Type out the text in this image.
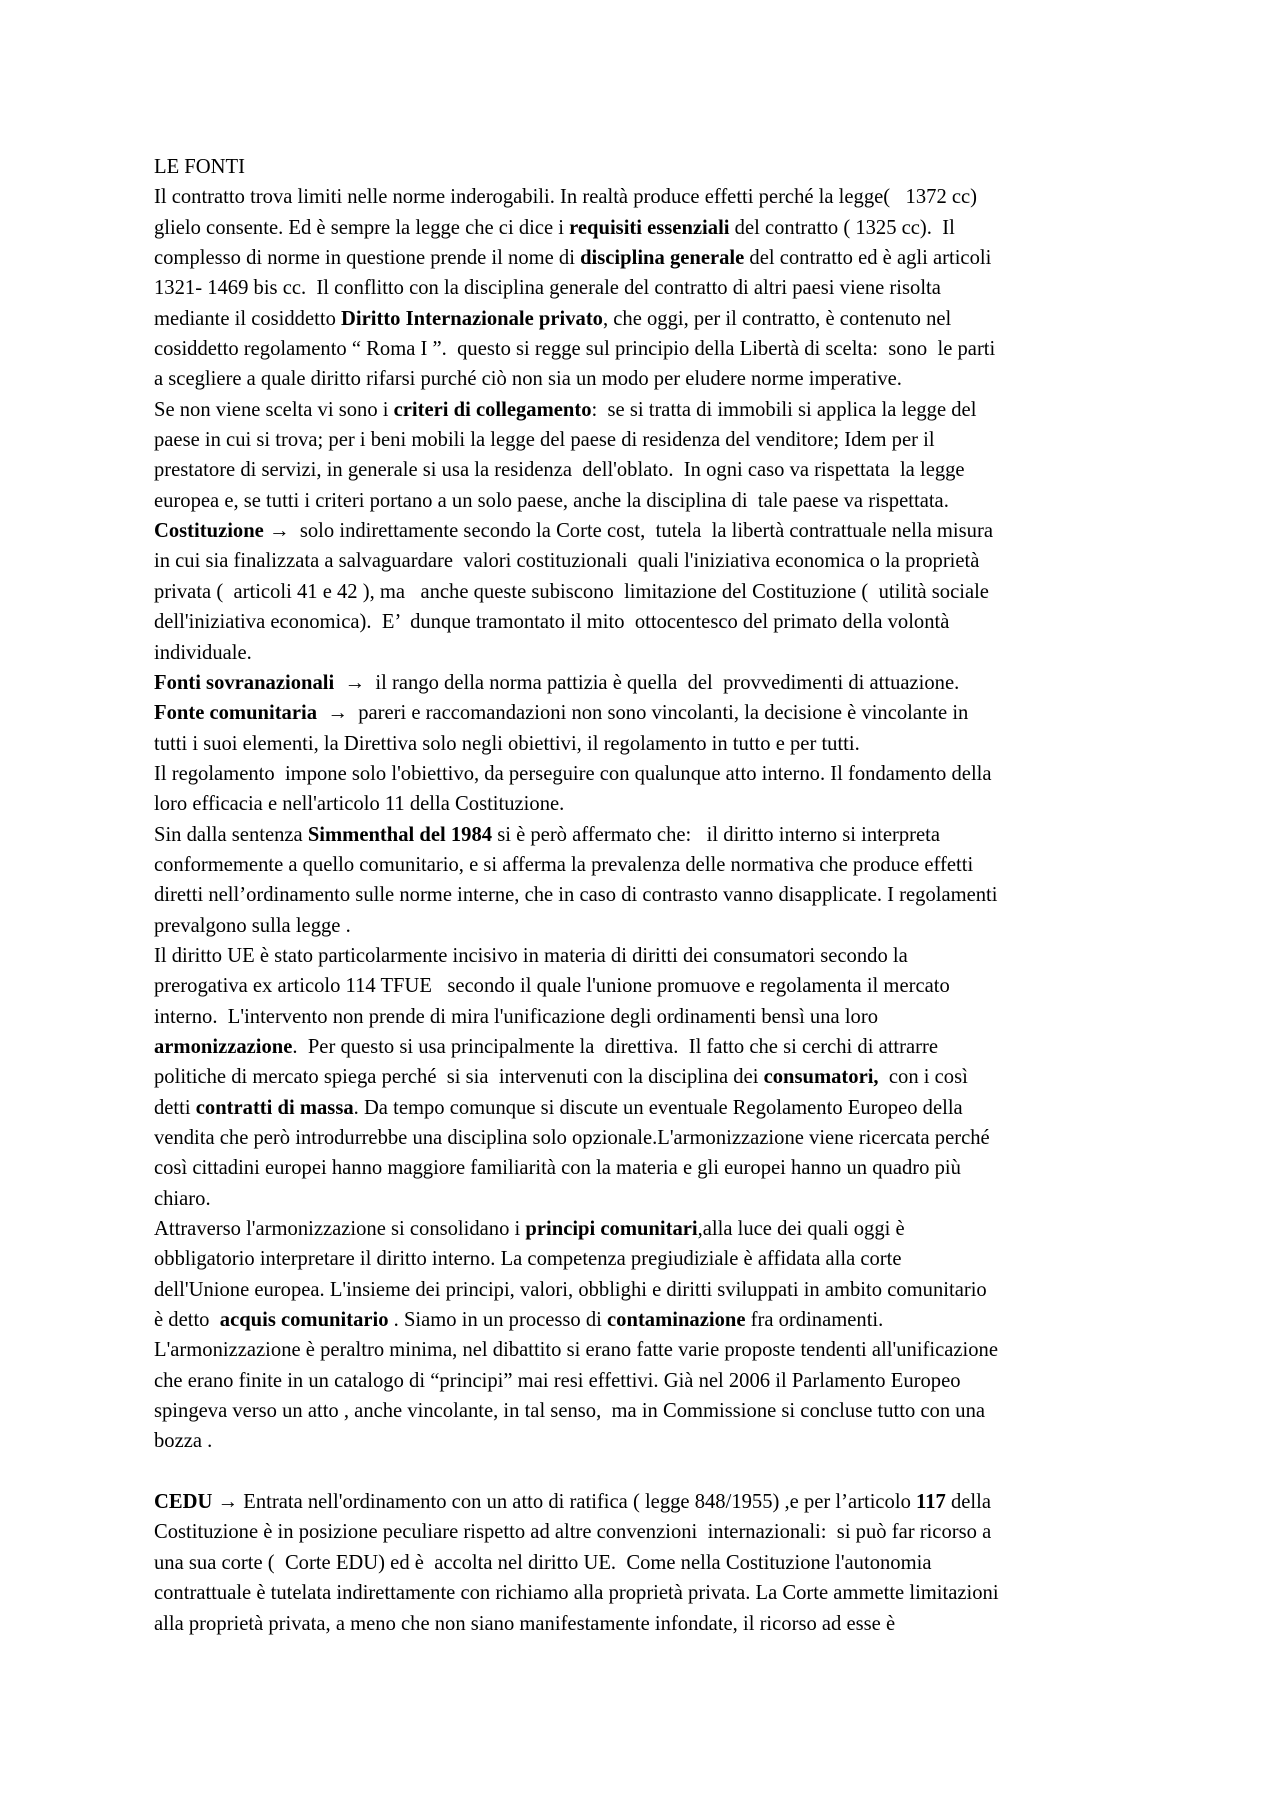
LE FONTI
Il contratto trova limiti nelle norme inderogabili. In realtà produce effetti perché la legge(   1372 cc)
glielo consente. Ed è sempre la legge che ci dice i requisiti essenziali del contratto ( 1325 cc).  Il
complesso di norme in questione prende il nome di disciplina generale del contratto ed è agli articoli
1321- 1469 bis cc.  Il conflitto con la disciplina generale del contratto di altri paesi viene risolta
mediante il cosiddetto Diritto Internazionale privato, che oggi, per il contratto, è contenuto nel
cosiddetto regolamento “ Roma I ”.  questo si regge sul principio della Libertà di scelta:  sono  le parti
a scegliere a quale diritto rifarsi purché ciò non sia un modo per eludere norme imperative.
Se non viene scelta vi sono i criteri di collegamento:  se si tratta di immobili si applica la legge del
paese in cui si trova; per i beni mobili la legge del paese di residenza del venditore; Idem per il
prestatore di servizi, in generale si usa la residenza  dell'oblato.  In ogni caso va rispettata  la legge
europea e, se tutti i criteri portano a un solo paese, anche la disciplina di  tale paese va rispettata.
Costituzione →  solo indirettamente secondo la Corte cost,  tutela  la libertà contrattuale nella misura
in cui sia finalizzata a salvaguardare  valori costituzionali  quali l'iniziativa economica o la proprietà
privata (  articoli 41 e 42 ), ma   anche queste subiscono  limitazione del Costituzione (  utilità sociale
dell'iniziativa economica).  E’  dunque tramontato il mito  ottocentesco del primato della volontà
individuale.
Fonti sovranazionali  →  il rango della norma pattizia è quella  del  provvedimenti di attuazione.
Fonte comunitaria  →  pareri e raccomandazioni non sono vincolanti, la decisione è vincolante in
tutti i suoi elementi, la Direttiva solo negli obiettivi, il regolamento in tutto e per tutti.
Il regolamento  impone solo l'obiettivo, da perseguire con qualunque atto interno. Il fondamento della
loro efficacia e nell'articolo 11 della Costituzione.
Sin dalla sentenza Simmenthal del 1984 si è però affermato che:   il diritto interno si interpreta
conformemente a quello comunitario, e si afferma la prevalenza delle normativa che produce effetti
diretti nell’ordinamento sulle norme interne, che in caso di contrasto vanno disapplicate. I regolamenti
prevalgono sulla legge .
Il diritto UE è stato particolarmente incisivo in materia di diritti dei consumatori secondo la
prerogativa ex articolo 114 TFUE   secondo il quale l'unione promuove e regolamenta il mercato
interno.  L'intervento non prende di mira l'unificazione degli ordinamenti bensì una loro
armonizzazione.  Per questo si usa principalmente la  direttiva.  Il fatto che si cerchi di attrarre
politiche di mercato spiega perché  si sia  intervenuti con la disciplina dei consumatori,  con i così
detti contratti di massa. Da tempo comunque si discute un eventuale Regolamento Europeo della
vendita che però introdurrebbe una disciplina solo opzionale.L'armonizzazione viene ricercata perché
così cittadini europei hanno maggiore familiarità con la materia e gli europei hanno un quadro più
chiaro.
Attraverso l'armonizzazione si consolidano i principi comunitari,alla luce dei quali oggi è
obbligatorio interpretare il diritto interno. La competenza pregiudiziale è affidata alla corte
dell'Unione europea. L'insieme dei principi, valori, obblighi e diritti sviluppati in ambito comunitario
è detto  acquis comunitario . Siamo in un processo di contaminazione fra ordinamenti.
L'armonizzazione è peraltro minima, nel dibattito si erano fatte varie proposte tendenti all'unificazione
che erano finite in un catalogo di “principi” mai resi effettivi. Già nel 2006 il Parlamento Europeo
spingeva verso un atto , anche vincolante, in tal senso,  ma in Commissione si concluse tutto con una
bozza .
CEDU → Entrata nell'ordinamento con un atto di ratifica ( legge 848/1955) ,e per l’articolo 117 della
Costituzione è in posizione peculiare rispetto ad altre convenzioni  internazionali:  si può far ricorso a
una sua corte (  Corte EDU) ed è  accolta nel diritto UE.  Come nella Costituzione l'autonomia
contrattuale è tutelata indirettamente con richiamo alla proprietà privata. La Corte ammette limitazioni
alla proprietà privata, a meno che non siano manifestamente infondate, il ricorso ad esse è
